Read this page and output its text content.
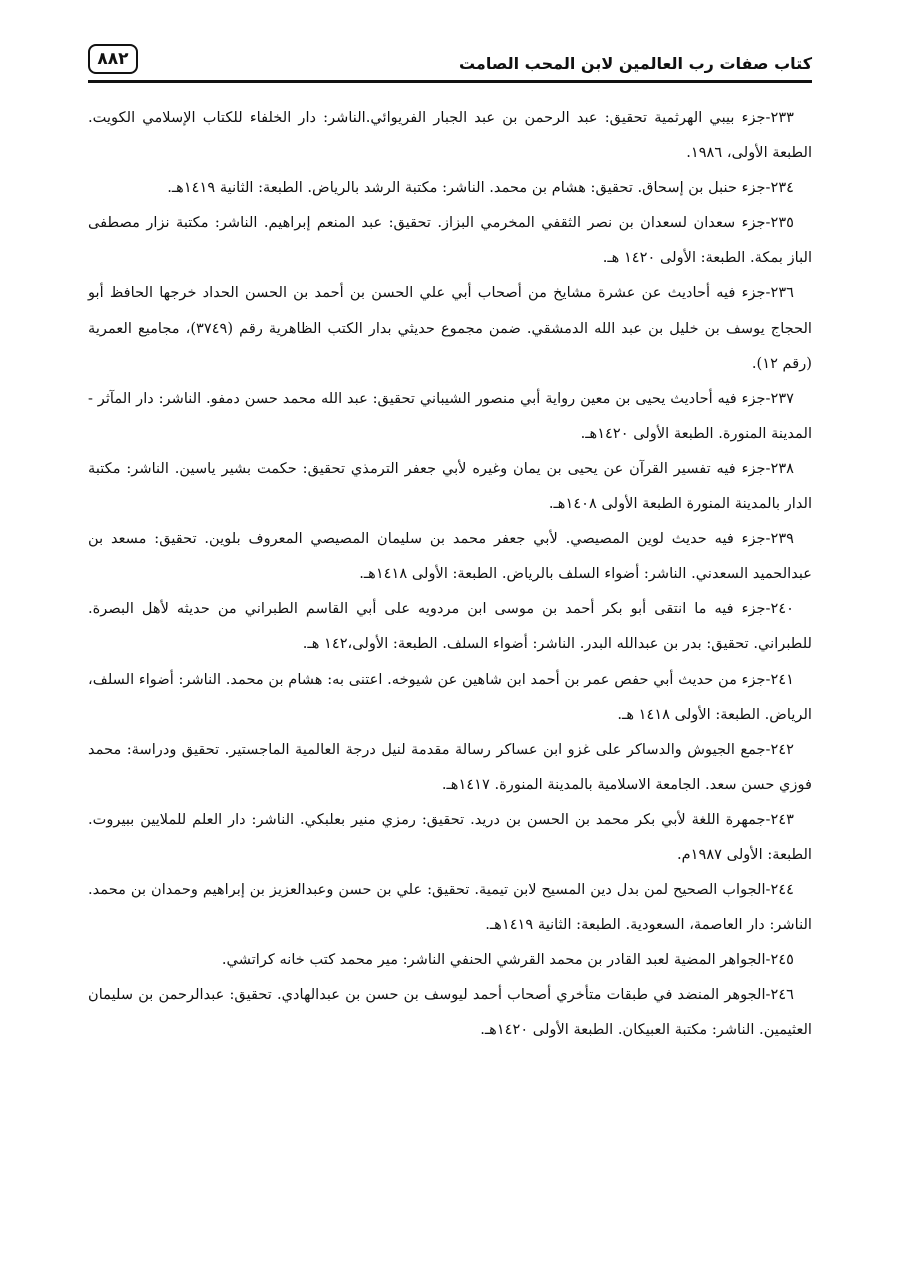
كتاب صفات رب العالمين لابن المحب الصامت
٨٨٢
٢٣٣-جزء بيبي الهرثمية تحقيق: عبد الرحمن بن عبد الجبار الفريوائي.الناشر: دار الخلفاء للكتاب الإسلامي الكويت. الطبعة الأولى، ١٩٨٦.
٢٣٤-جزء حنبل بن إسحاق. تحقيق: هشام بن محمد. الناشر: مكتبة الرشد بالرياض. الطبعة: الثانية ١٤١٩هـ.
٢٣٥-جزء سعدان لسعدان بن نصر الثقفي المخرمي البزاز. تحقيق: عبد المنعم إبراهيم. الناشر: مكتبة نزار مصطفى الباز بمكة. الطبعة: الأولى ١٤٢٠ هـ.
٢٣٦-جزء فيه أحاديث عن عشرة مشايخ من أصحاب أبي علي الحسن بن أحمد بن الحسن الحداد خرجها الحافظ أبو الحجاج يوسف بن خليل بن عبد الله الدمشقي. ضمن مجموع حديثي بدار الكتب الظاهرية رقم (٣٧٤٩)، مجاميع العمرية (رقم ١٢).
٢٣٧-جزء فيه أحاديث يحيى بن معين رواية أبي منصور الشيباني تحقيق: عبد الله محمد حسن دمفو. الناشر: دار المآثر - المدينة المنورة. الطبعة الأولى ١٤٢٠هـ.
٢٣٨-جزء فيه تفسير القرآن عن يحيى بن يمان وغيره لأبي جعفر الترمذي تحقيق: حكمت بشير ياسين. الناشر: مكتبة الدار بالمدينة المنورة الطبعة الأولى ١٤٠٨هـ.
٢٣٩-جزء فيه حديث لوين المصيصي. لأبي جعفر محمد بن سليمان المصيصي المعروف بلوين. تحقيق: مسعد بن عبدالحميد السعدني. الناشر: أضواء السلف بالرياض. الطبعة: الأولى ١٤١٨هـ.
٢٤٠-جزء فيه ما انتقى أبو بكر أحمد بن موسى ابن مردويه على أبي القاسم الطبراني من حديثه لأهل البصرة. للطبراني. تحقيق: بدر بن عبدالله البدر. الناشر: أضواء السلف. الطبعة: الأولى،١٤٢ هـ.
٢٤١-جزء من حديث أبي حفص عمر بن أحمد ابن شاهين عن شيوخه. اعتنى به: هشام بن محمد. الناشر: أضواء السلف، الرياض. الطبعة: الأولى ١٤١٨ هـ.
٢٤٢-جمع الجيوش والدساكر على غزو ابن عساكر رسالة مقدمة لنيل درجة العالمية الماجستير. تحقيق ودراسة: محمد فوزي حسن سعد. الجامعة الاسلامية بالمدينة المنورة. ١٤١٧هـ.
٢٤٣-جمهرة اللغة لأبي بكر محمد بن الحسن بن دريد. تحقيق: رمزي منير بعلبكي. الناشر: دار العلم للملايين ببيروت. الطبعة: الأولى ١٩٨٧م.
٢٤٤-الجواب الصحيح لمن بدل دين المسيح لابن تيمية. تحقيق: علي بن حسن وعبدالعزيز بن إبراهيم وحمدان بن محمد. الناشر: دار العاصمة، السعودية. الطبعة: الثانية ١٤١٩هـ.
٢٤٥-الجواهر المضية لعبد القادر بن محمد القرشي الحنفي الناشر: مير محمد كتب خانه كراتشي.
٢٤٦-الجوهر المنضد في طبقات متأخري أصحاب أحمد ليوسف بن حسن بن عبدالهادي. تحقيق: عبدالرحمن بن سليمان العثيمين. الناشر: مكتبة العبيكان. الطبعة الأولى ١٤٢٠هـ.
